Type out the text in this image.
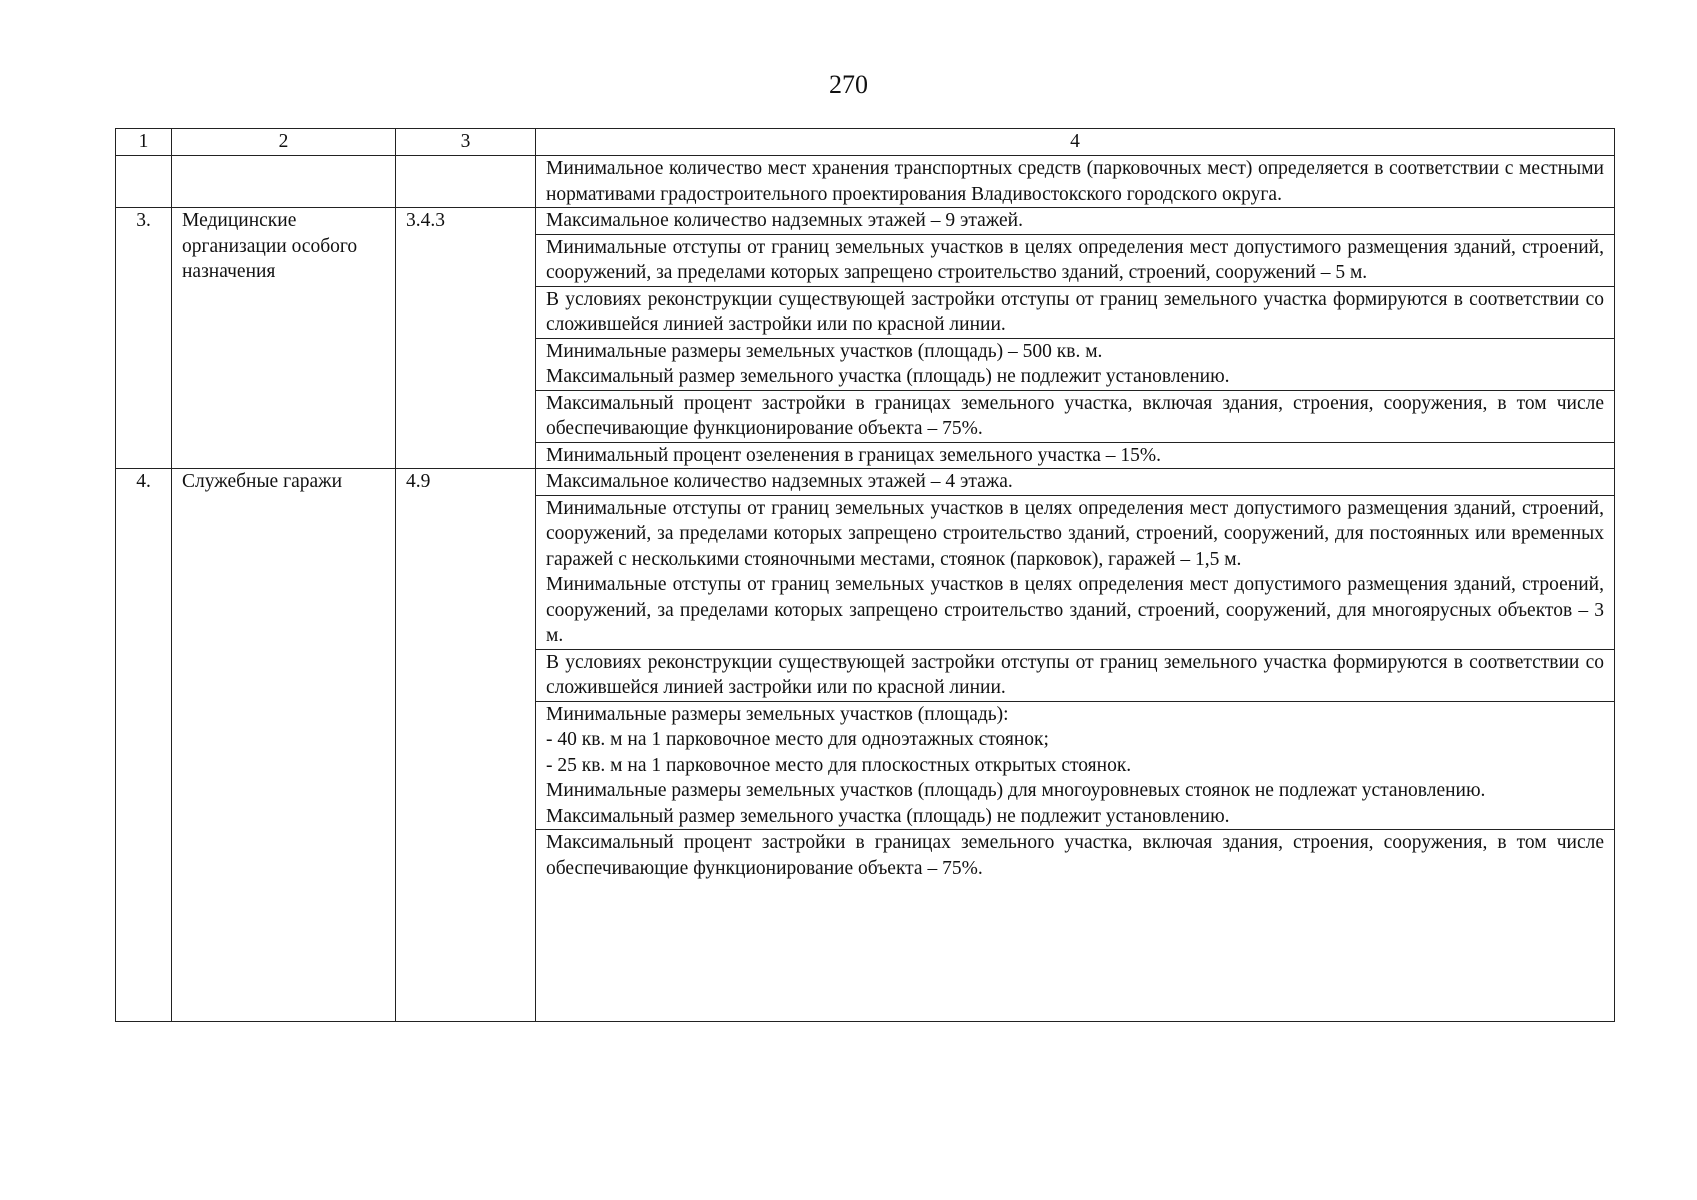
270
1	2	3	4

			Минимальное количество мест хранения транспортных средств (парковочных мест) определяется в соответствии с местными нормативами градостроительного проектирования Владивостокского городского округа.

3.	Медицинские организации особого назначения	3.4.3	Максимальное количество надземных этажей – 9 этажей.

			Минимальные отступы от границ земельных участков в целях определения мест допустимого размещения зданий, строений, сооружений, за пределами которых запрещено строительство зданий, строений, сооружений – 5 м.

			В условиях реконструкции существующей застройки отступы от границ земельного участка формируются в соответствии со сложившейся линией застройки или по красной линии.

			Минимальные размеры земельных участков (площадь) – 500 кв. м.

Максимальный размер земельного участка (площадь) не подлежит установлению.

			Максимальный процент застройки в границах земельного участка, включая здания, строения, сооружения, в том числе обеспечивающие функционирование объекта – 75%.

			Минимальный процент озеленения в границах земельного участка – 15%.

4.	Служебные гаражи	4.9	Максимальное количество надземных этажей – 4 этажа.

			Минимальные отступы от границ земельных участков в целях определения мест допустимого размещения зданий, строений, сооружений, за пределами которых запрещено строительство зданий, строений, сооружений, для постоянных или временных гаражей с несколькими стояночными местами, стоянок (парковок), гаражей – 1,5 м.

Минимальные отступы от границ земельных участков в целях определения мест допустимого размещения зданий, строений, сооружений, за пределами которых запрещено строительство зданий, строений, сооружений, для многоярусных объектов – 3 м.

			В условиях реконструкции существующей застройки отступы от границ земельного участка формируются в соответствии со сложившейся линией застройки или по красной линии.

			Минимальные размеры земельных участков (площадь):

- 40 кв. м на 1 парковочное место для одноэтажных стоянок;

- 25 кв. м на 1 парковочное место для плоскостных открытых стоянок.

Минимальные размеры земельных участков (площадь) для многоуровневых стоянок не подлежат установлению.

Максимальный размер земельного участка (площадь) не подлежит установлению.

			Максимальный процент застройки в границах земельного участка, включая здания, строения, сооружения, в том числе обеспечивающие функционирование объекта – 75%.
